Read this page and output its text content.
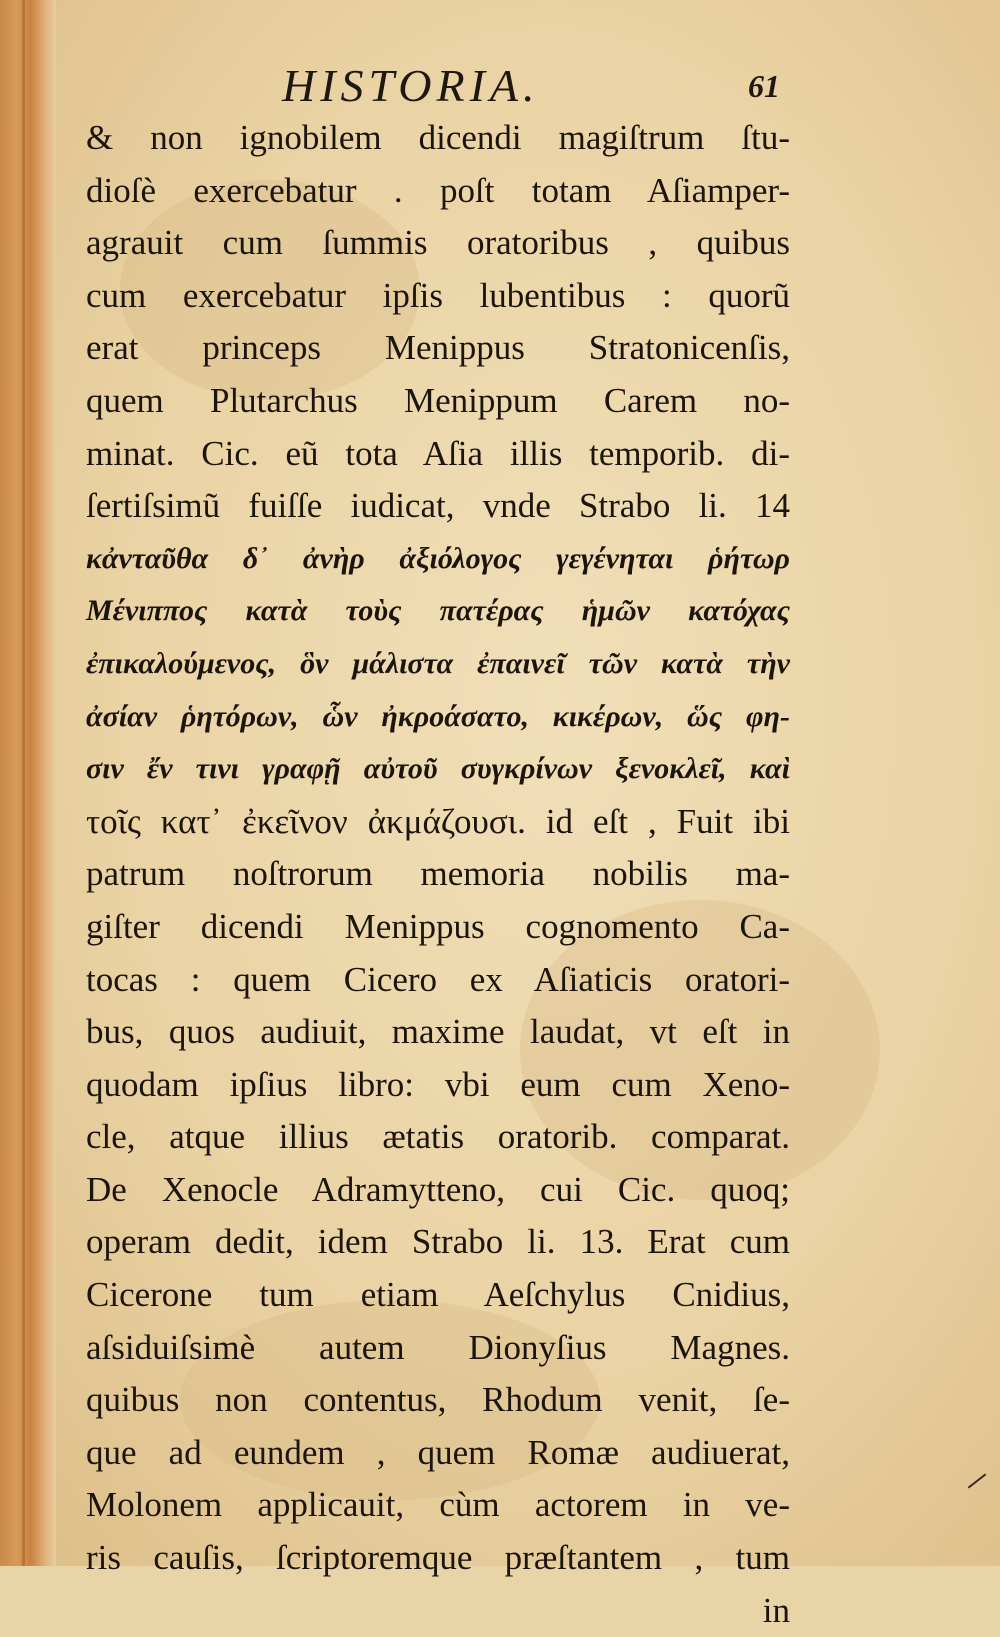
HISTORIA.	61
& non ignobilem dicendi magiſtrum ſtu-
dioſè exercebatur . poſt totam Aſiamper-
agrauit cum ſummis oratoribus , quibus
cum exercebatur ipſis lubentibus : quorũ
erat princeps Menippus Stratonicenſis,
quem Plutarchus Menippum Carem no-
minat. Cic. eũ tota Aſia illis temporib. di-
ſertiſsimũ fuiſſe iudicat, vnde Strabo li. 14
κἀνταῦθα δ᾽ ἀνὴρ ἀξιόλογος γεγένηται ῥήτωρ
Μένιππος κατὰ τοὺς πατέρας ἡμῶν κατόχας
ἐπικαλούμενος, ὃν μάλιστα ἐπαινεῖ τῶν κατὰ τὴν
ἀσίαν ῥητόρων, ὧν ἠκροάσατο, κικέρων, ὥς φη-
σιν ἔν τινι γραφῇ αὐτοῦ συγκρίνων ξενοκλεῖ, καὶ
τοῖς κατ᾽ ἐκεῖνον ἀκμάζουσι. id eſt , Fuit ibi
patrum noſtrorum memoria nobilis ma-
giſter dicendi Menippus cognomento Ca-
tocas : quem Cicero ex Aſiaticis oratori-
bus, quos audiuit, maxime laudat, vt eſt in
quodam ipſius libro: vbi eum cum Xeno-
cle, atque illius ætatis oratorib. comparat.
De Xenocle Adramytteno, cui Cic. quoq;
operam dedit, idem Strabo li. 13. Erat cum
Cicerone tum etiam Aeſchylus Cnidius,
aſsiduiſsimè autem Dionyſius Magnes.
quibus non contentus, Rhodum venit, ſe-
que ad eundem , quem Romæ audiuerat,
Molonem applicauit, cùm actorem in ve-
ris cauſis, ſcriptoremque præſtantem , tum
in
